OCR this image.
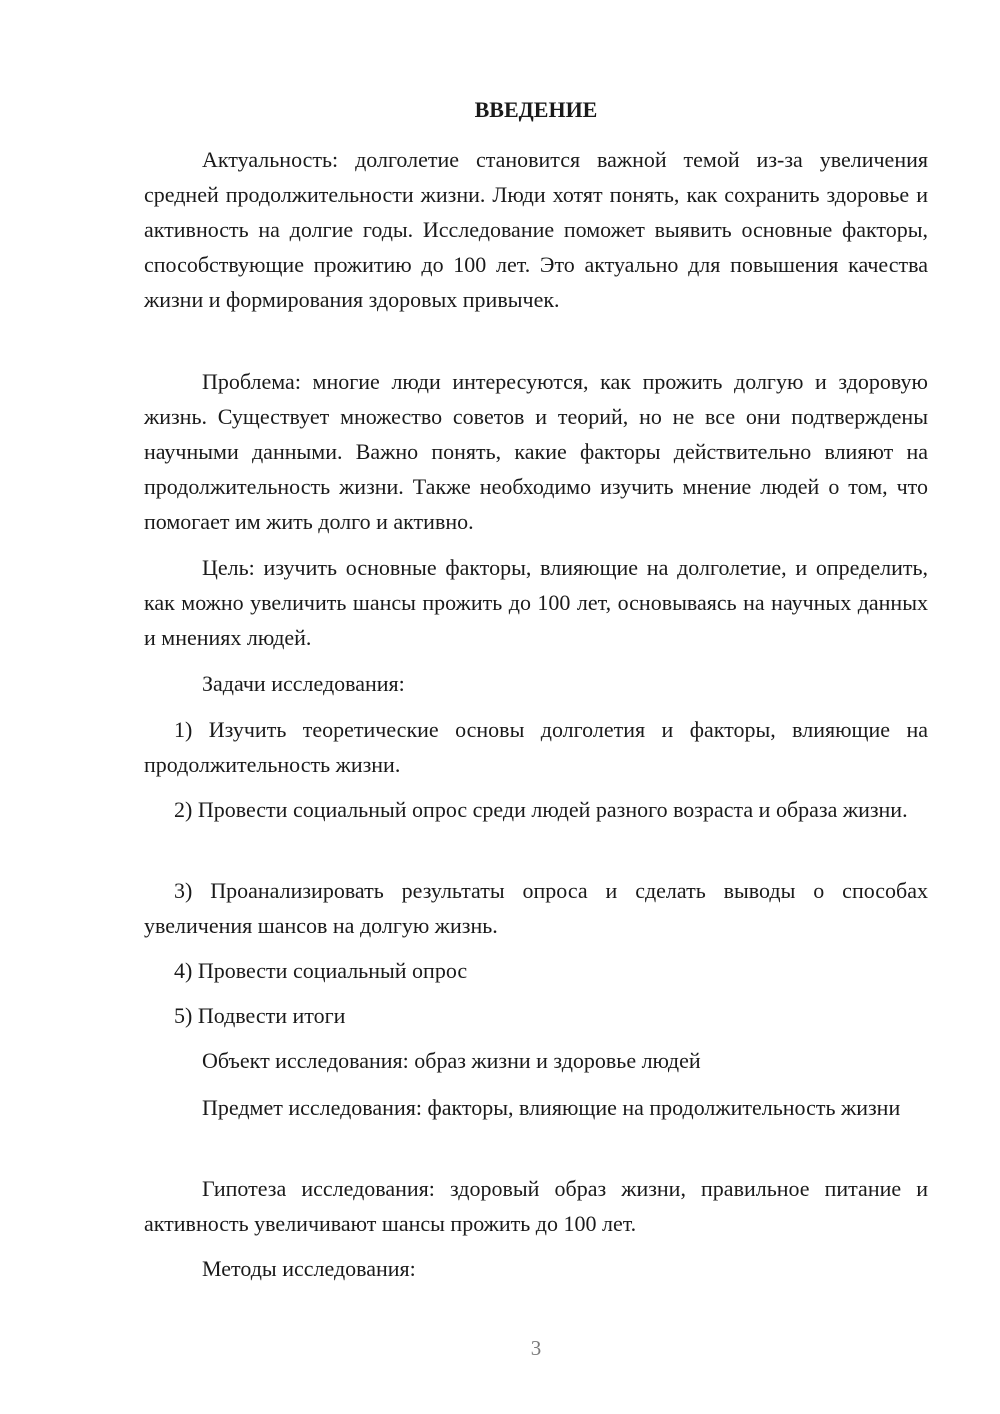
ВВЕДЕНИЕ

Актуальность: долголетие становится важной темой из-за увеличения средней продолжительности жизни. Люди хотят понять, как сохранить здоровье и активность на долгие годы. Исследование поможет выявить основные факторы, способствующие прожитию до 100 лет. Это актуально для повышения качества жизни и формирования здоровых привычек.

Проблема: многие люди интересуются, как прожить долгую и здоровую жизнь. Существует множество советов и теорий, но не все они подтверждены научными данными. Важно понять, какие факторы действительно влияют на продолжительность жизни. Также необходимо изучить мнение людей о том, что помогает им жить долго и активно.

Цель: изучить основные факторы, влияющие на долголетие, и определить, как можно увеличить шансы прожить до 100 лет, основываясь на научных данных и мнениях людей.

Задачи исследования:

1) Изучить теоретические основы долголетия и факторы, влияющие на продолжительность жизни.

2) Провести социальный опрос среди людей разного возраста и образа жизни.

3) Проанализировать результаты опроса и сделать выводы о способах увеличения шансов на долгую жизнь.

4) Провести социальный опрос

5) Подвести итоги

Объект исследования: образ жизни и здоровье людей

Предмет исследования: факторы, влияющие на продолжительность жизни

Гипотеза исследования: здоровый образ жизни, правильное питание и активность увеличивают шансы прожить до 100 лет.

Методы исследования:

3
